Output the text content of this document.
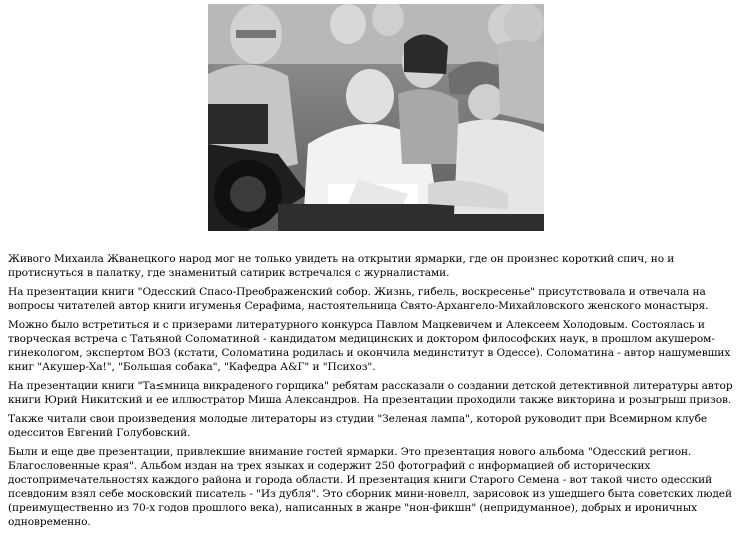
Живого Михаила Жванецкого народ мог не только увидеть на открытии ярмарки, где он произнес короткий спич, но и протиснуться в палатку, где знаменитый сатирик встречался с журналистами.

На презентации книги "Одесский Спасо-Преображенский собор. Жизнь, гибель, воскресенье" присутствовала и отвечала на вопросы читателей автор книги игуменья Серафима, настоятельница Свято-Архангело-Михайловского женского монастыря.

Можно было встретиться и с призерами литературного конкурса Павлом Мацкевичем и Алексеем Холодовым. Состоялась и творческая встреча с Татьяной Соломатиной - кандидатом медицинских и доктором философских наук, в прошлом акушером-гинекологом, экспертом ВОЗ (кстати, Соломатина родилась и окончила мединститут в Одессе). Соломатина - автор нашумевших книг "Акушер-Ха!", "Большая собака", "Кафедра А&Г" и "Психоз".

На презентации книги "Та≤мница викраденого горщика" ребятам рассказали о создании детской детективной литературы автор книги Юрий Никитский и ее иллюстратор Миша Александров. На презентации проходили также викторина и розыгрыш призов.

Также читали свои произведения молодые литераторы из студии "Зеленая лампа", которой руководит при Всемирном клубе одесситов Евгений Голубовский.

Были и еще две презентации, привлекшие внимание гостей ярмарки. Это презентация нового альбома "Одесский регион. Благословенные края". Альбом издан на трех языках и содержит 250 фотографий с информацией об исторических достопримечательностях каждого района и города области. И презентация книги Старого Семена - вот такой чисто одесский псевдоним взял себе московский писатель - "Из дубля". Это сборник мини-новелл, зарисовок из ушедшего быта советских людей (преимущественно из 70-х годов прошлого века), написанных в жанре "нон-фикшн" (непридуманное), добрых и ироничных одновременно.
